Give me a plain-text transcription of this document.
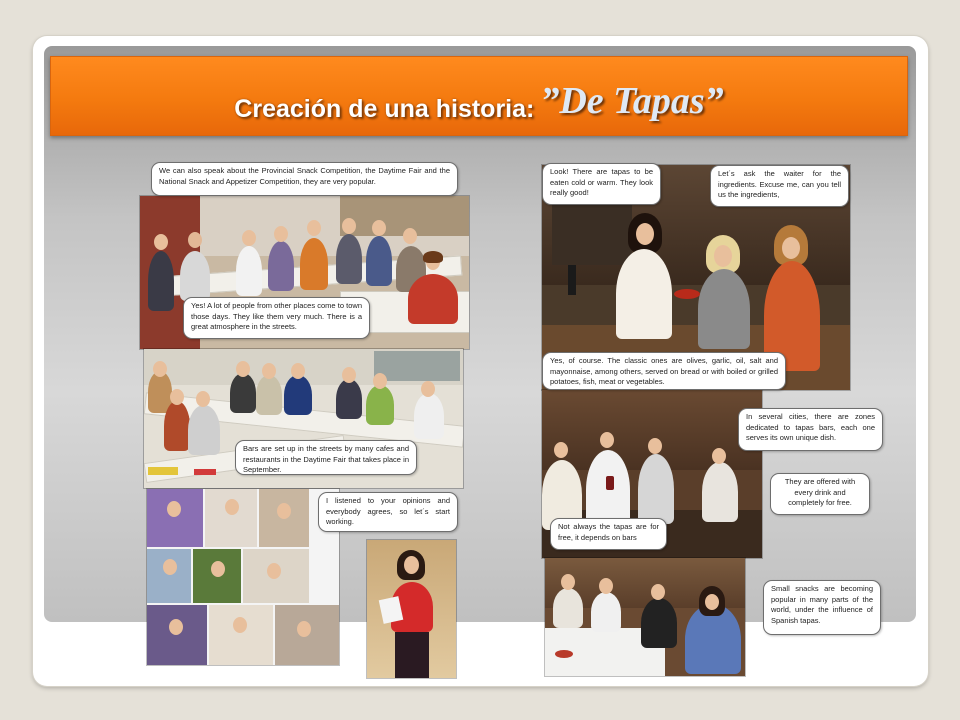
Creación de una historia: ”De Tapas”
We can also speak about the Provincial Snack Competition, the Daytime Fair and the National Snack and Appetizer Competition, they are very popular.
Yes! A lot of people from other places come to town those days. They like them very much. There is a great atmosphere in the streets.
Bars are set up in the streets by many cafes and restaurants in the Daytime Fair that takes place in September.
I listened to your opinions and everybody agrees, so let´s start working.
Look! There are tapas to be eaten cold or warm. They look really good!
Let´s ask the waiter for the ingredients. Excuse me, can you tell us the ingredients,
Yes, of course. The classic ones are olives, garlic, oil, salt and mayonnaise, among others, served on bread or with boiled or grilled potatoes, fish, meat or vegetables.
In several cities, there are zones dedicated to tapas bars, each one serves its own unique dish.
They are offered with every drink and completely for free.
Not always the tapas are for free, it depends on bars
Small snacks are becoming popular in many parts of the world, under the influence of Spanish tapas.
